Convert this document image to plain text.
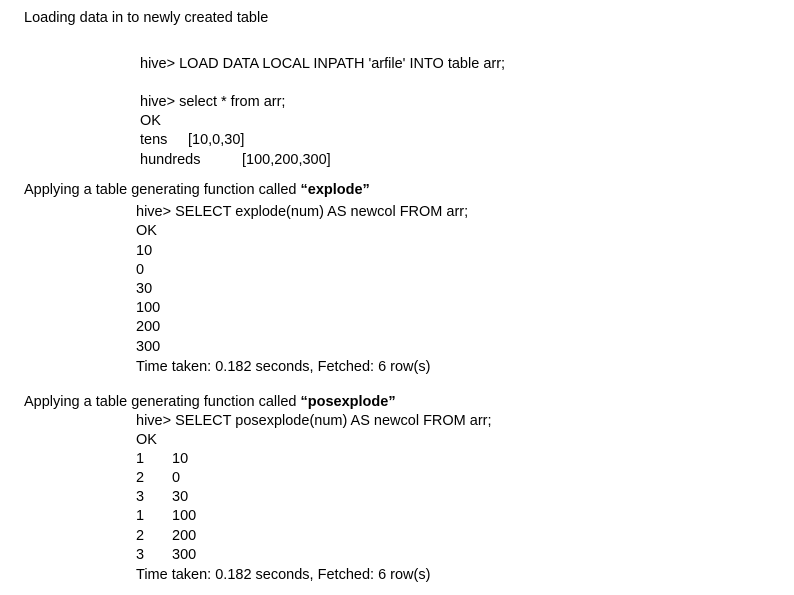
Loading data in to newly created table
hive> LOAD DATA LOCAL INPATH 'arfile' INTO table arr;
hive> select * from arr;
OK
tens [10,0,30]
hundreds	[100,200,300]
Applying a table generating function called “explode”
hive> SELECT explode(num) AS newcol FROM arr;
OK
10
0
30
100
200
300
Time taken: 0.182 seconds, Fetched: 6 row(s)
Applying a table generating function called “posexplode”
hive> SELECT posexplode(num) AS newcol FROM arr;
OK
1 10
2 0
3 30
1 100
2 200
3 300
Time taken: 0.182 seconds, Fetched: 6 row(s)
